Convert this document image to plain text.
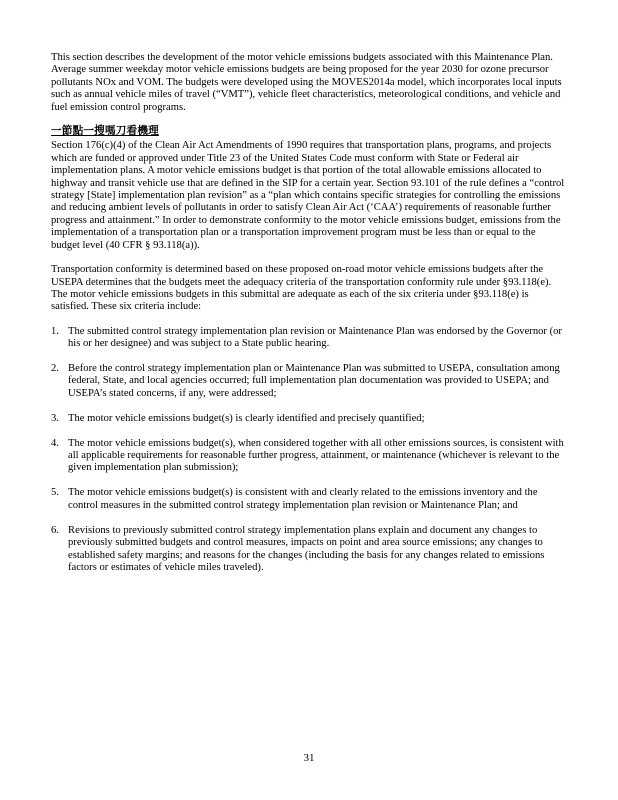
This section describes the development of the motor vehicle emissions budgets associated with this Maintenance Plan. Average summer weekday motor vehicle emissions budgets are being proposed for the year 2030 for ozone precursor pollutants NOx and VOM. The budgets were developed using the MOVES2014a model, which incorporates local inputs such as annual vehicle miles of travel (“VMT”), vehicle fleet characteristics, meteorological conditions, and vehicle and fuel emission control programs.

一節點一搜嗎刀看機理

Section 176(c)(4) of the Clean Air Act Amendments of 1990 requires that transportation plans, programs, and projects which are funded or approved under Title 23 of the United States Code must conform with State or Federal air implementation plans. A motor vehicle emissions budget is that portion of the total allowable emissions allocated to highway and transit vehicle use that are defined in the SIP for a certain year. Section 93.101 of the rule defines a “control strategy [State] implementation plan revision” as a “plan which contains specific strategies for controlling the emissions and reducing ambient levels of pollutants in order to satisfy Clean Air Act (‘CAA’) requirements of reasonable further progress and attainment.” In order to demonstrate conformity to the motor vehicle emissions budget, emissions from the implementation of a transportation plan or a transportation improvement program must be less than or equal to the budget level (40 CFR § 93.118(a)).

Transportation conformity is determined based on these proposed on-road motor vehicle emissions budgets after the USEPA determines that the budgets meet the adequacy criteria of the transportation conformity rule under §93.118(e). The motor vehicle emissions budgets in this submittal are adequate as each of the six criteria under §93.118(e) is satisfied. These six criteria include:

1. The submitted control strategy implementation plan revision or Maintenance Plan was endorsed by the Governor (or his or her designee) and was subject to a State public hearing.
2. Before the control strategy implementation plan or Maintenance Plan was submitted to USEPA, consultation among federal, State, and local agencies occurred; full implementation plan documentation was provided to USEPA; and USEPA’s stated concerns, if any, were addressed;
3. The motor vehicle emissions budget(s) is clearly identified and precisely quantified;
4. The motor vehicle emissions budget(s), when considered together with all other emissions sources, is consistent with all applicable requirements for reasonable further progress, attainment, or maintenance (whichever is relevant to the given implementation plan submission);
5. The motor vehicle emissions budget(s) is consistent with and clearly related to the emissions inventory and the control measures in the submitted control strategy implementation plan revision or Maintenance Plan; and
6. Revisions to previously submitted control strategy implementation plans explain and document any changes to previously submitted budgets and control measures, impacts on point and area source emissions; any changes to established safety margins; and reasons for the changes (including the basis for any changes related to emissions factors or estimates of vehicle miles traveled).
31
